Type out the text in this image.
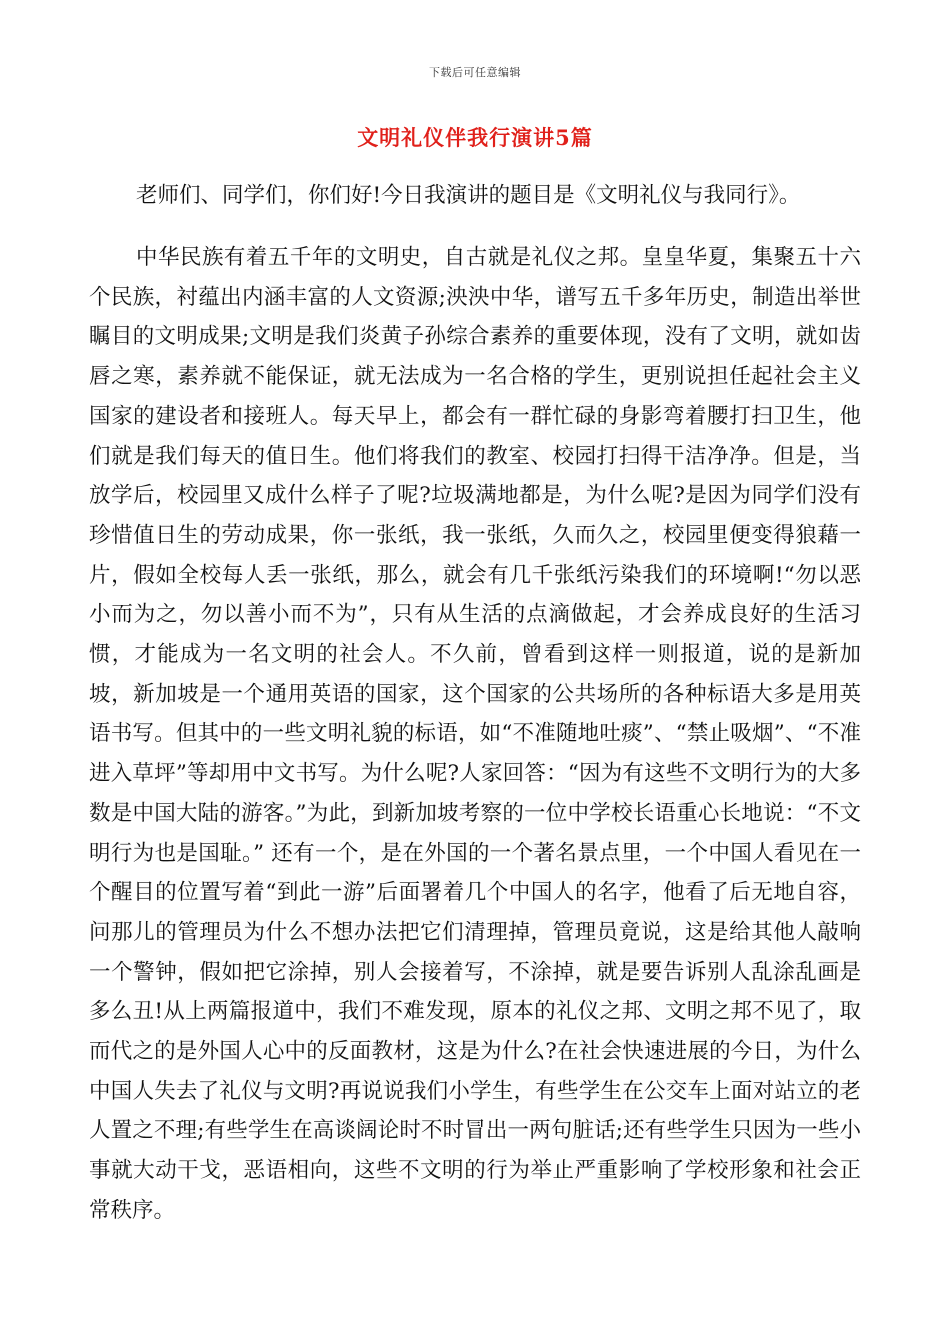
下载后可任意编辑
文明礼仪伴我行演讲5篇

老师们、同学们，你们好!今日我演讲的题目是《文明礼仪与我同行》。

中华民族有着五千年的文明史，自古就是礼仪之邦。皇皇华夏，集聚五十六个民族，衬蕴出内涵丰富的人文资源;泱泱中华，谱写五千多年历史，制造出举世瞩目的文明成果;文明是我们炎黄子孙综合素养的重要体现，没有了文明，就如齿唇之寒，素养就不能保证，就无法成为一名合格的学生，更别说担任起社会主义国家的建设者和接班人。每天早上，都会有一群忙碌的身影弯着腰打扫卫生，他们就是我们每天的值日生。他们将我们的教室、校园打扫得干洁净净。但是，当放学后，校园里又成什么样子了呢?垃圾满地都是，为什么呢?是因为同学们没有珍惜值日生的劳动成果，你一张纸，我一张纸，久而久之，校园里便变得狼藉一片，假如全校每人丢一张纸，那么，就会有几千张纸污染我们的环境啊!“勿以恶小而为之，勿以善小而不为”，只有从生活的点滴做起，才会养成良好的生活习惯，才能成为一名文明的社会人。不久前，曾看到这样一则报道，说的是新加坡，新加坡是一个通用英语的国家，这个国家的公共场所的各种标语大多是用英语书写。但其中的一些文明礼貌的标语，如“不准随地吐痰”、“禁止吸烟”、“不准进入草坪”等却用中文书写。为什么呢?人家回答：“因为有这些不文明行为的大多数是中国大陆的游客。”为此，到新加坡考察的一位中学校长语重心长地说：“不文明行为也是国耻。” 还有一个，是在外国的一个著名景点里，一个中国人看见在一个醒目的位置写着“到此一游”后面署着几个中国人的名字，他看了后无地自容，问那儿的管理员为什么不想办法把它们清理掉，管理员竟说，这是给其他人敲响一个警钟，假如把它涂掉，别人会接着写，不涂掉，就是要告诉别人乱涂乱画是多么丑!从上两篇报道中，我们不难发现，原本的礼仪之邦、文明之邦不见了，取而代之的是外国人心中的反面教材，这是为什么?在社会快速进展的今日，为什么中国人失去了礼仪与文明?再说说我们小学生，有些学生在公交车上面对站立的老人置之不理;有些学生在高谈阔论时不时冒出一两句脏话;还有些学生只因为一些小事就大动干戈，恶语相向，这些不文明的行为举止严重影响了学校形象和社会正常秩序。
